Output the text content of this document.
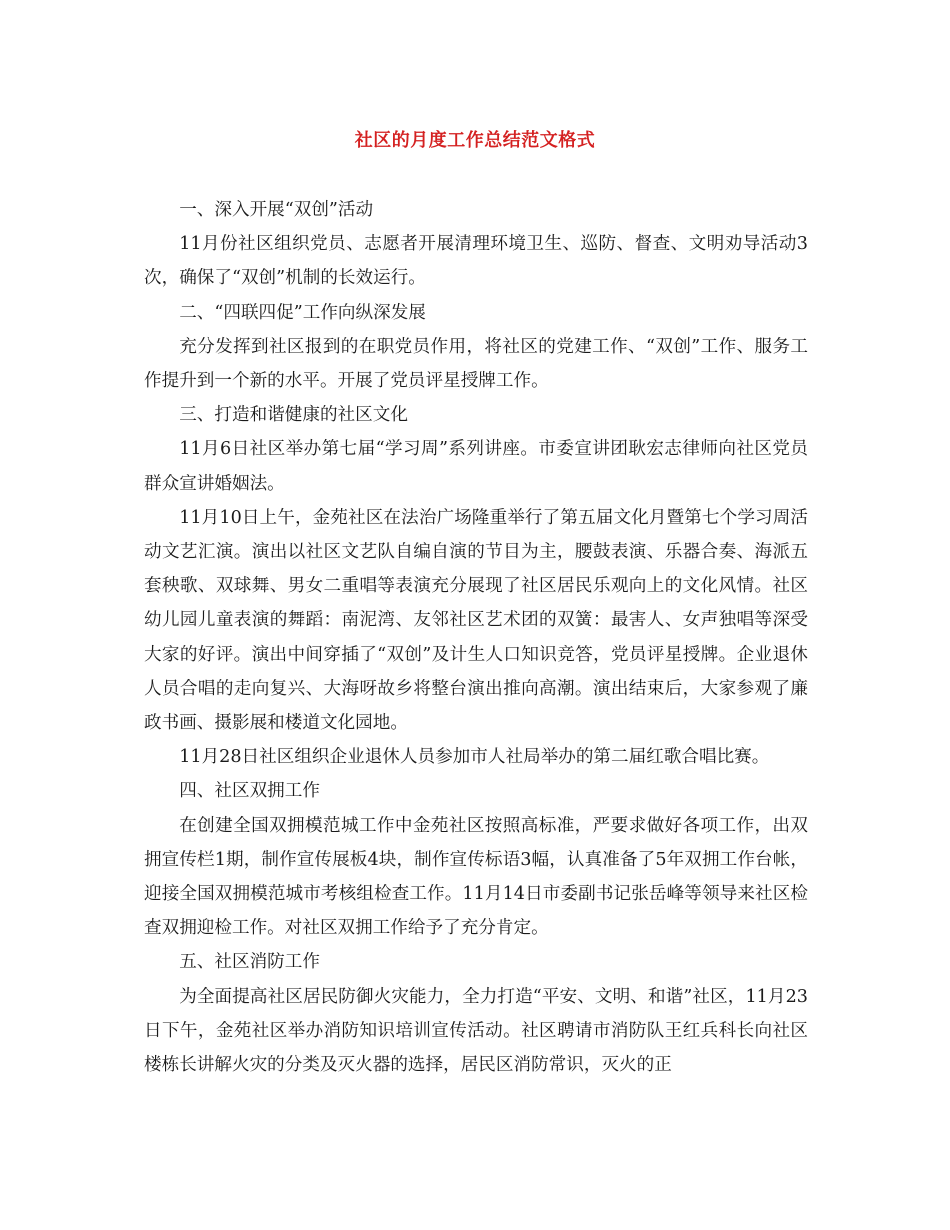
社区的月度工作总结范文格式

一、深入开展“双创”活动

11月份社区组织党员、志愿者开展清理环境卫生、巡防、督查、文明劝导活动3次，确保了“双创”机制的长效运行。

二、“四联四促”工作向纵深发展

充分发挥到社区报到的在职党员作用，将社区的党建工作、“双创”工作、服务工作提升到一个新的水平。开展了党员评星授牌工作。

三、打造和谐健康的社区文化

11月6日社区举办第七届“学习周”系列讲座。市委宣讲团耿宏志律师向社区党员群众宣讲婚姻法。

11月10日上午，金苑社区在法治广场隆重举行了第五届文化月暨第七个学习周活动文艺汇演。演出以社区文艺队自编自演的节目为主，腰鼓表演、乐器合奏、海派五套秧歌、双球舞、男女二重唱等表演充分展现了社区居民乐观向上的文化风情。社区幼儿园儿童表演的舞蹈：南泥湾、友邻社区艺术团的双簧：最害人、女声独唱等深受大家的好评。演出中间穿插了“双创”及计生人口知识竞答，党员评星授牌。企业退休人员合唱的走向复兴、大海呀故乡将整台演出推向高潮。演出结束后，大家参观了廉政书画、摄影展和楼道文化园地。

11月28日社区组织企业退休人员参加市人社局举办的第二届红歌合唱比赛。

四、社区双拥工作

在创建全国双拥模范城工作中金苑社区按照高标准，严要求做好各项工作，出双拥宣传栏1期，制作宣传展板4块，制作宣传标语3幅，认真准备了5年双拥工作台帐，迎接全国双拥模范城市考核组检查工作。11月14日市委副书记张岳峰等领导来社区检查双拥迎检工作。对社区双拥工作给予了充分肯定。

五、社区消防工作

为全面提高社区居民防御火灾能力，全力打造“平安、文明、和谐”社区，11月23日下午，金苑社区举办消防知识培训宣传活动。社区聘请市消防队王红兵科长向社区楼栋长讲解火灾的分类及灭火器的选择，居民区消防常识，灭火的正
